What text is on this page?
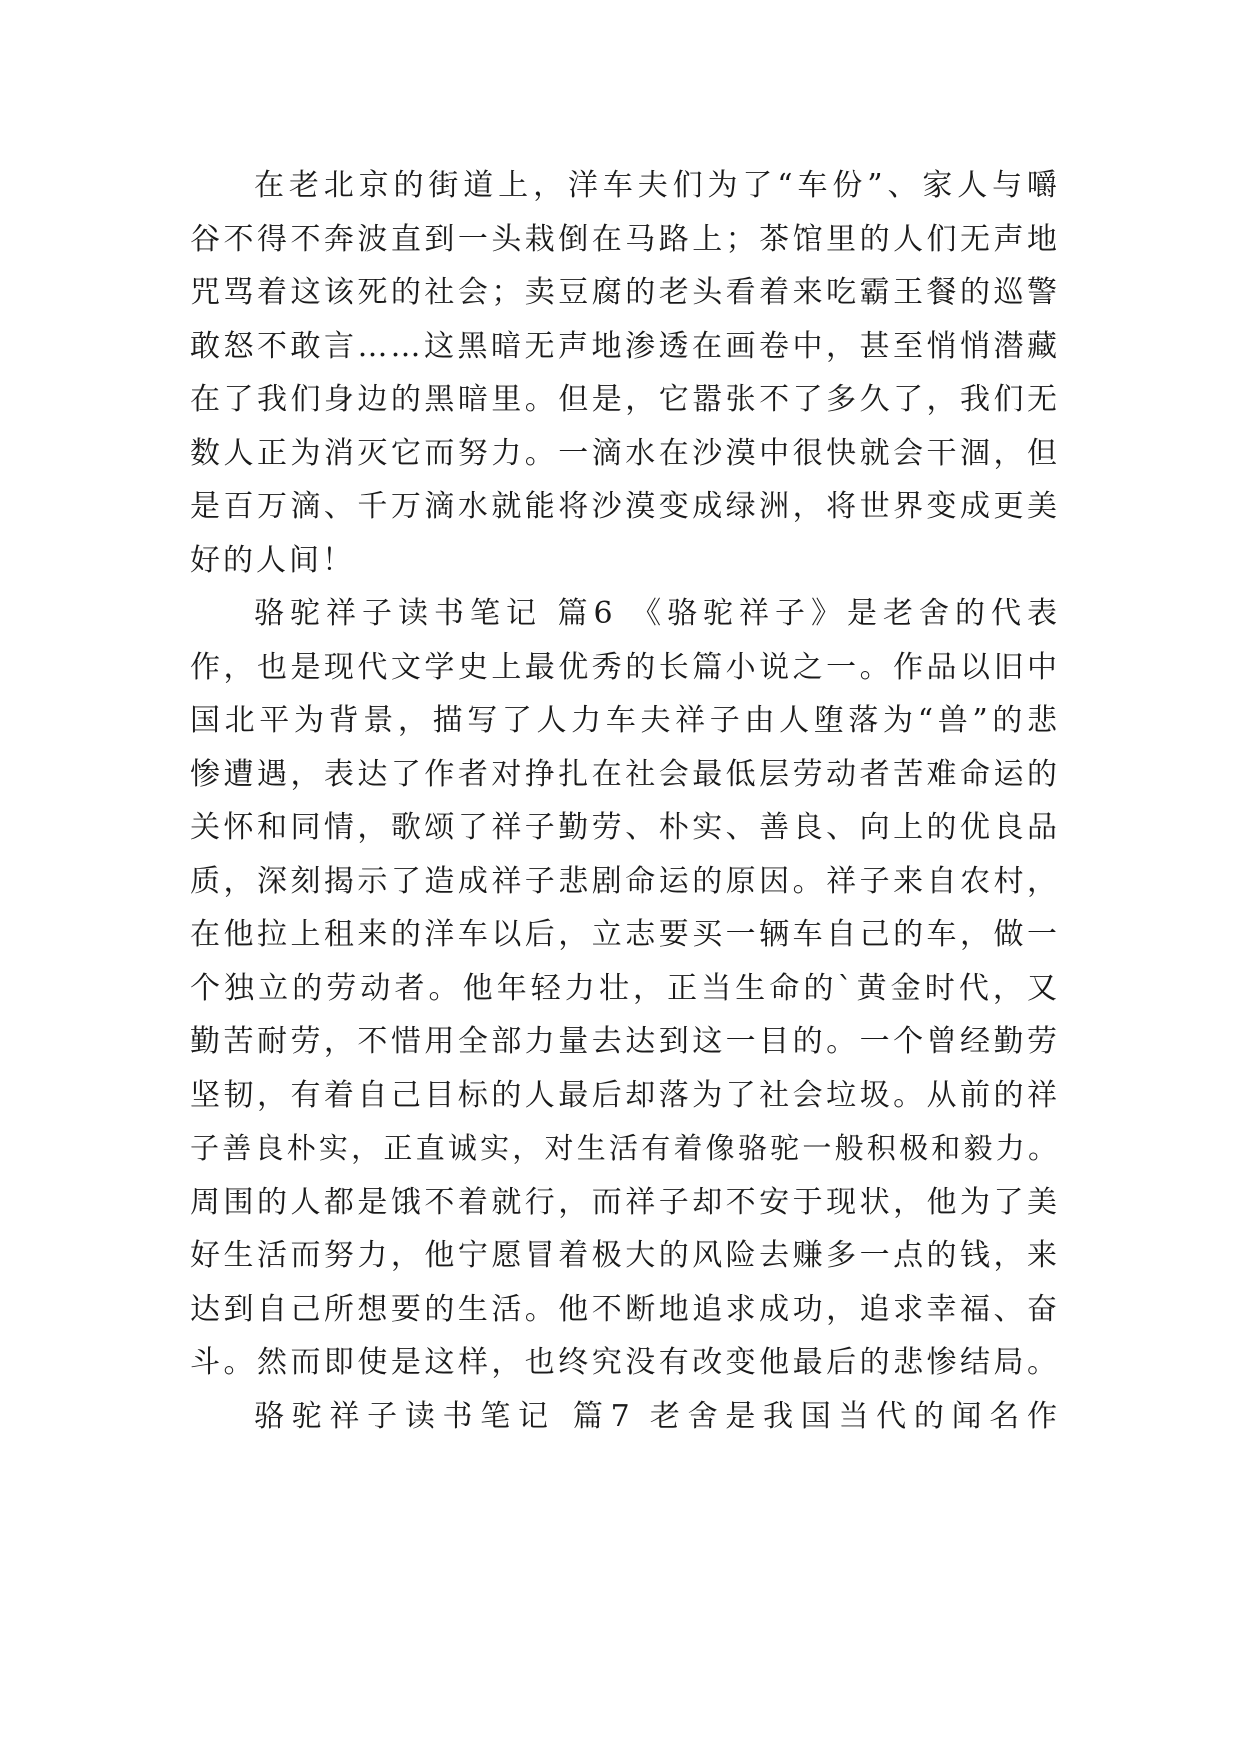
在老北京的街道上，洋车夫们为了“车份”、家人与嚼
谷不得不奔波直到一头栽倒在马路上；茶馆里的人们无声地
咒骂着这该死的社会；卖豆腐的老头看着来吃霸王餐的巡警
敢怒不敢言……这黑暗无声地渗透在画卷中，甚至悄悄潜藏
在了我们身边的黑暗里。但是，它嚣张不了多久了，我们无
数人正为消灭它而努力。一滴水在沙漠中很快就会干涸，但
是百万滴、千万滴水就能将沙漠变成绿洲，将世界变成更美
好的人间！
骆驼祥子读书笔记 篇6 《骆驼祥子》是老舍的代表
作，也是现代文学史上最优秀的长篇小说之一。作品以旧中
国北平为背景，描写了人力车夫祥子由人堕落为“兽”的悲
惨遭遇，表达了作者对挣扎在社会最低层劳动者苦难命运的
关怀和同情，歌颂了祥子勤劳、朴实、善良、向上的优良品
质，深刻揭示了造成祥子悲剧命运的原因。祥子来自农村，
在他拉上租来的洋车以后，立志要买一辆车自己的车，做一
个独立的劳动者。他年轻力壮，正当生命的`黄金时代，又
勤苦耐劳，不惜用全部力量去达到这一目的。一个曾经勤劳
坚韧，有着自己目标的人最后却落为了社会垃圾。从前的祥
子善良朴实，正直诚实，对生活有着像骆驼一般积极和毅力。
周围的人都是饿不着就行，而祥子却不安于现状，他为了美
好生活而努力，他宁愿冒着极大的风险去赚多一点的钱，来
达到自己所想要的生活。他不断地追求成功，追求幸福、奋
斗。然而即使是这样，也终究没有改变他最后的悲惨结局。
骆驼祥子读书笔记 篇7 老舍是我国当代的闻名作
